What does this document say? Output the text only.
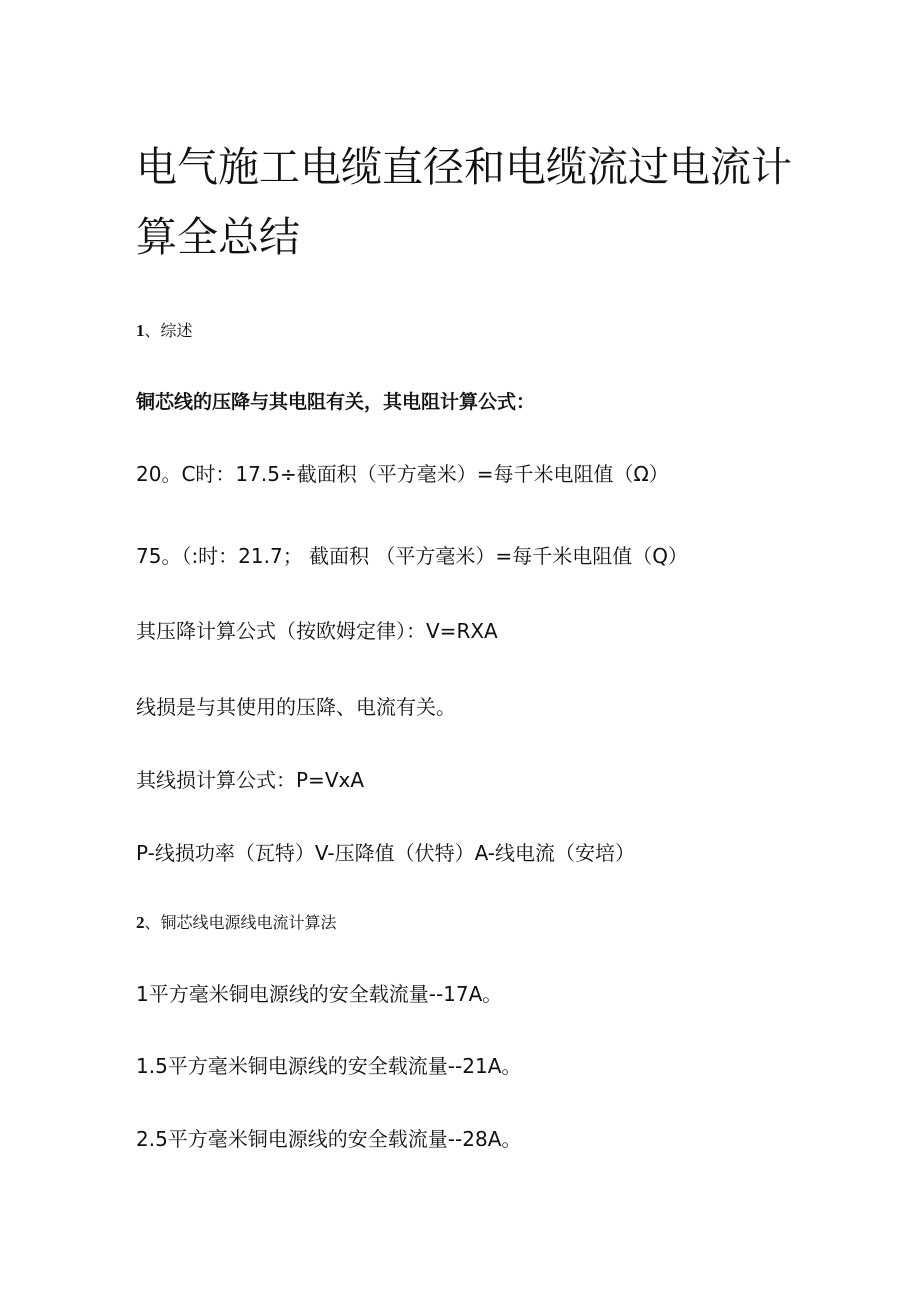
电气施工电缆直径和电缆流过电流计算全总结

1、综述

铜芯线的压降与其电阻有关，其电阻计算公式：

20。C时：17.5÷截面积（平方毫米）=每千米电阻值（Ω）

75。（:时：21.7； 截面积 （平方毫米）=每千米电阻值（Q）

其压降计算公式（按欧姆定律）：V=RXA

线损是与其使用的压降、电流有关。

其线损计算公式：P=VxA

P-线损功率（瓦特）V-压降值（伏特）A-线电流（安培）

2、铜芯线电源线电流计算法

1平方毫米铜电源线的安全载流量--17A。

1.5平方毫米铜电源线的安全载流量--21A。

2.5平方毫米铜电源线的安全载流量--28A。
